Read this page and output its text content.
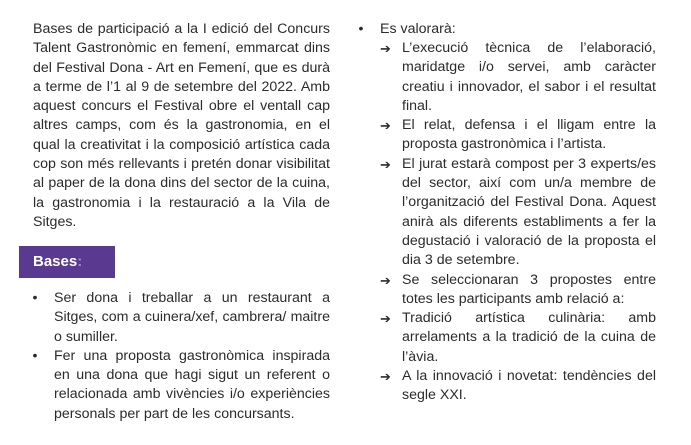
Bases de participació a la I edició del Concurs Talent Gastronòmic en femení, emmarcat dins del Festival Dona - Art en Femení, que es durà a terme de l’1 al 9 de setembre del 2022. Amb aquest concurs el Festival obre el ventall cap altres camps, com és la gastronomia, en el qual la creativitat i la composició artística cada cop son més rellevants i pretén donar visibilitat al paper de la dona dins del sector de la cuina, la gastronomia i la restauració a la Vila de Sitges.

Bases:
• Ser dona i treballar a un restaurant a Sitges, com a cuinera/xef, cambrera/ maitre o sumiller.
• Fer una proposta gastronòmica inspirada en una dona que hagi sigut un referent o relacionada amb vivències i/o experiències personals per part de les concursants.
• Es valorarà:
➔ L’execució tècnica de l’elaboració, maridatge i/o servei, amb caràcter creatiu i innovador, el sabor i el resultat final.
➔ El relat, defensa i el lligam entre la proposta gastronòmica i l’artista.
➔ El jurat estarà compost per 3 experts/es del sector, així com un/a membre de l’organització del Festival Dona. Aquest anirà als diferents establiments a fer la degustació i valoració de la proposta el dia 3 de setembre.
➔ Se seleccionaran 3 propostes entre totes les participants amb relació a:
➔ Tradició artística culinària: amb arrelaments a la tradició de la cuina de l’àvia.
➔ A la innovació i novetat: tendències del segle XXI.
